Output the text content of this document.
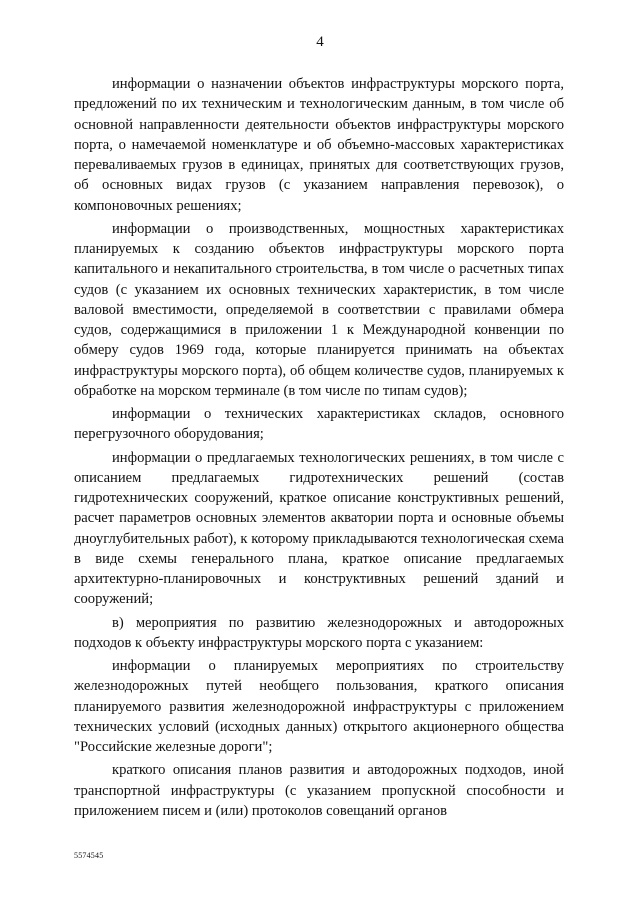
4

информации о назначении объектов инфраструктуры морского порта, предложений по их техническим и технологическим данным, в том числе об основной направленности деятельности объектов инфраструктуры морского порта, о намечаемой номенклатуре и об объемно-массовых характеристиках переваливаемых грузов в единицах, принятых для соответствующих грузов, об основных видах грузов (с указанием направления перевозок), о компоновочных решениях;

информации о производственных, мощностных характеристиках планируемых к созданию объектов инфраструктуры морского порта капитального и некапитального строительства, в том числе о расчетных типах судов (с указанием их основных технических характеристик, в том числе валовой вместимости, определяемой в соответствии с правилами обмера судов, содержащимися в приложении 1 к Международной конвенции по обмеру судов 1969 года, которые планируется принимать на объектах инфраструктуры морского порта), об общем количестве судов, планируемых к обработке на морском терминале (в том числе по типам судов);

информации о технических характеристиках складов, основного перегрузочного оборудования;

информации о предлагаемых технологических решениях, в том числе с описанием предлагаемых гидротехнических решений (состав гидротехнических сооружений, краткое описание конструктивных решений, расчет параметров основных элементов акватории порта и основные объемы дноуглубительных работ), к которому прикладываются технологическая схема в виде схемы генерального плана, краткое описание предлагаемых архитектурно-планировочных и конструктивных решений зданий и сооружений;

в) мероприятия по развитию железнодорожных и автодорожных подходов к объекту инфраструктуры морского порта с указанием:

информации о планируемых мероприятиях по строительству железнодорожных путей необщего пользования, краткого описания планируемого развития железнодорожной инфраструктуры с приложением технических условий (исходных данных) открытого акционерного общества "Российские железные дороги";

краткого описания планов развития и автодорожных подходов, иной транспортной инфраструктуры (с указанием пропускной способности и приложением писем и (или) протоколов совещаний органов

5574545
